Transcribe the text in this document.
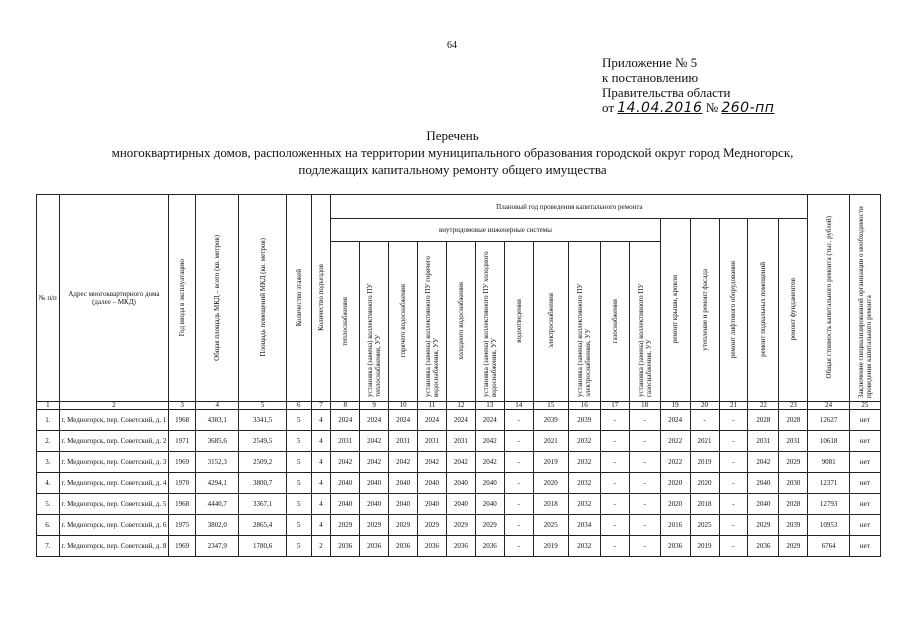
64
Приложение № 5
к постановлению
Правительства области
от 14.04.2016 № 260-пп
Перечень
многоквартирных домов, расположенных на территории муниципального образования городской округ город Медногорск,
подлежащих капитальному ремонту общего имущества
№ п/п	Адрес многоквартирного дома (далее – МКД)	Год ввода в эксплуатацию	Общая площадь МКД – всего (кв. метров)	Площадь помещений МКД (кв. метров)	Количество этажей	Количество подъездов	Плановый год проведения капитального ремонта																Общая стоимость капитального ремонта (тыс. рублей)	Заключение специализированной организации о необходимости проведения капитального ремонта
							внутридомовые инженерные системы											ремонт крыши, кровли	утепление и ремонт фасада	ремонт лифтового оборудования	ремонт подвальных помещений	ремонт фундаментов		
							теплоснабжения	установка (замена) коллективного ПУ теплоснабжения, УУ	горячего водоснабжения	установка (замена) коллективного ПУ горячего водоснабжения, УУ	холодного водоснабжения	установка (замена) коллективного ПУ холодного водоснабжения, УУ	водоотведения	электроснабжения	установка (замена) коллективного ПУ электроснабжения, УУ	газоснабжения	установка (замена) коллективного ПУ газоснабжения, УУ							
1	2	3	4	5	6	7	8	9	10	11	12	13	14	15	16	17	18	19	20	21	22	23	24	25
1.	г. Медногорск, пер. Советский, д. 1	1968	4383,1	3341,5	5	4	2024	2024	2024	2024	2024	2024	-	2039	2039	-	-	2024	-	-	2028	2028	12627	нет
2.	г. Медногорск, пер. Советский, д. 2	1971	3685,6	2549,5	5	4	2031	2042	2031	2031	2031	2042	-	2021	2032	-	-	2022	2021	-	2031	2031	10618	нет
3.	г. Медногорск, пер. Советский, д. 3	1969	3152,3	2509,2	5	4	2042	2042	2042	2042	2042	2042	-	2019	2032	-	-	2022	2019	-	2042	2029	9081	нет
4.	г. Медногорск, пер. Советский, д. 4	1970	4294,1	3800,7	5	4	2040	2040	2040	2040	2040	2040	-	2020	2032	-	-	2020	2020	-	2040	2030	12371	нет
5.	г. Медногорск, пер. Советский, д. 5	1968	4440,7	3367,1	5	4	2040	2040	2040	2040	2040	2040	-	2018	2032	-	-	2020	2018	-	2040	2028	12793	нет
6.	г. Медногорск, пер. Советский, д. 6	1975	3802,0	2865,4	5	4	2029	2029	2029	2029	2029	2029	-	2025	2034	-	-	2016	2025	-	2029	2039	10953	нет
7.	г. Медногорск, пер. Советский, д. 8	1969	2347,9	1780,6	5	2	2036	2036	2036	2036	2036	2036	-	2019	2032	-	-	2036	2019	-	2036	2029	6764	нет
